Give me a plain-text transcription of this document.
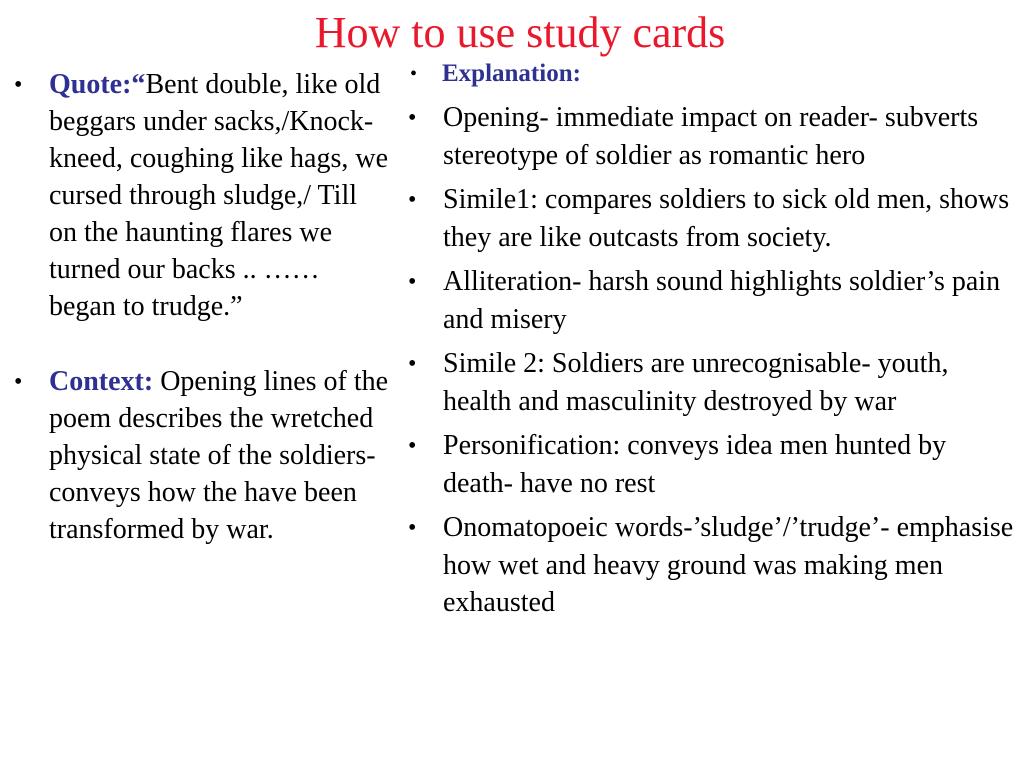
How to use study cards
• Quote:“Bent double, like old beggars under sacks,/Knock-kneed, coughing like hags, we cursed through sludge,/ Till on the haunting flares we turned our backs .. …… began to trudge.”
• Context: Opening lines of the poem describes the wretched physical state of the soldiers- conveys how the have been transformed by war.
• Explanation:
• Opening- immediate impact on reader- subverts stereotype of soldier as romantic hero
• Simile1: compares soldiers to sick old men, shows they are like outcasts from society.
• Alliteration- harsh sound highlights soldier’s pain and misery
• Simile 2: Soldiers are unrecognisable- youth, health and masculinity destroyed by war
• Personification: conveys idea men hunted by death- have no rest
• Onomatopoeic words-’sludge’/’trudge’- emphasise how wet and heavy ground was making men exhausted
